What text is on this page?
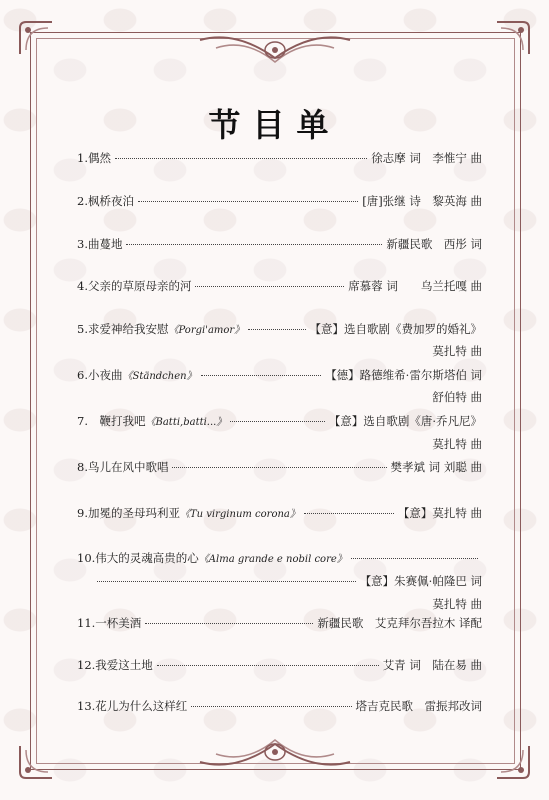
节目单
1.偶然	徐志摩 词　李惟宁 曲
2.枫桥夜泊	[唐]张继 诗　黎英海 曲
3.曲蔓地	新疆民歌　西彤 词
4.父亲的草原母亲的河	席慕蓉 词　　乌兰托嘎 曲
5.求爱神给我安慰 《Porgi'amor》	【意】选自歌剧《费加罗的婚礼》
莫扎特 曲
6.小夜曲 《Ständchen》	【德】路德维希·雷尔斯塔伯 词
舒伯特 曲
7.　鞭打我吧 《Batti,batti...》	【意】选自歌剧《唐·乔凡尼》
莫扎特 曲
8.鸟儿在风中歌唱	樊孝斌 词 刘聪 曲
9.加冕的圣母玛利亚 《Tu virginum corona》	【意】莫扎特 曲
10.伟大的灵魂高贵的心 《Alma grande e nobil core》
【意】朱赛佩·帕隆巴 词
莫扎特 曲
11.一杯美酒	新疆民歌　艾克拜尔吾拉木 译配
12.我爱这土地	艾青 词　陆在易 曲
13.花儿为什么这样红	塔吉克民歌　雷振邦改词
